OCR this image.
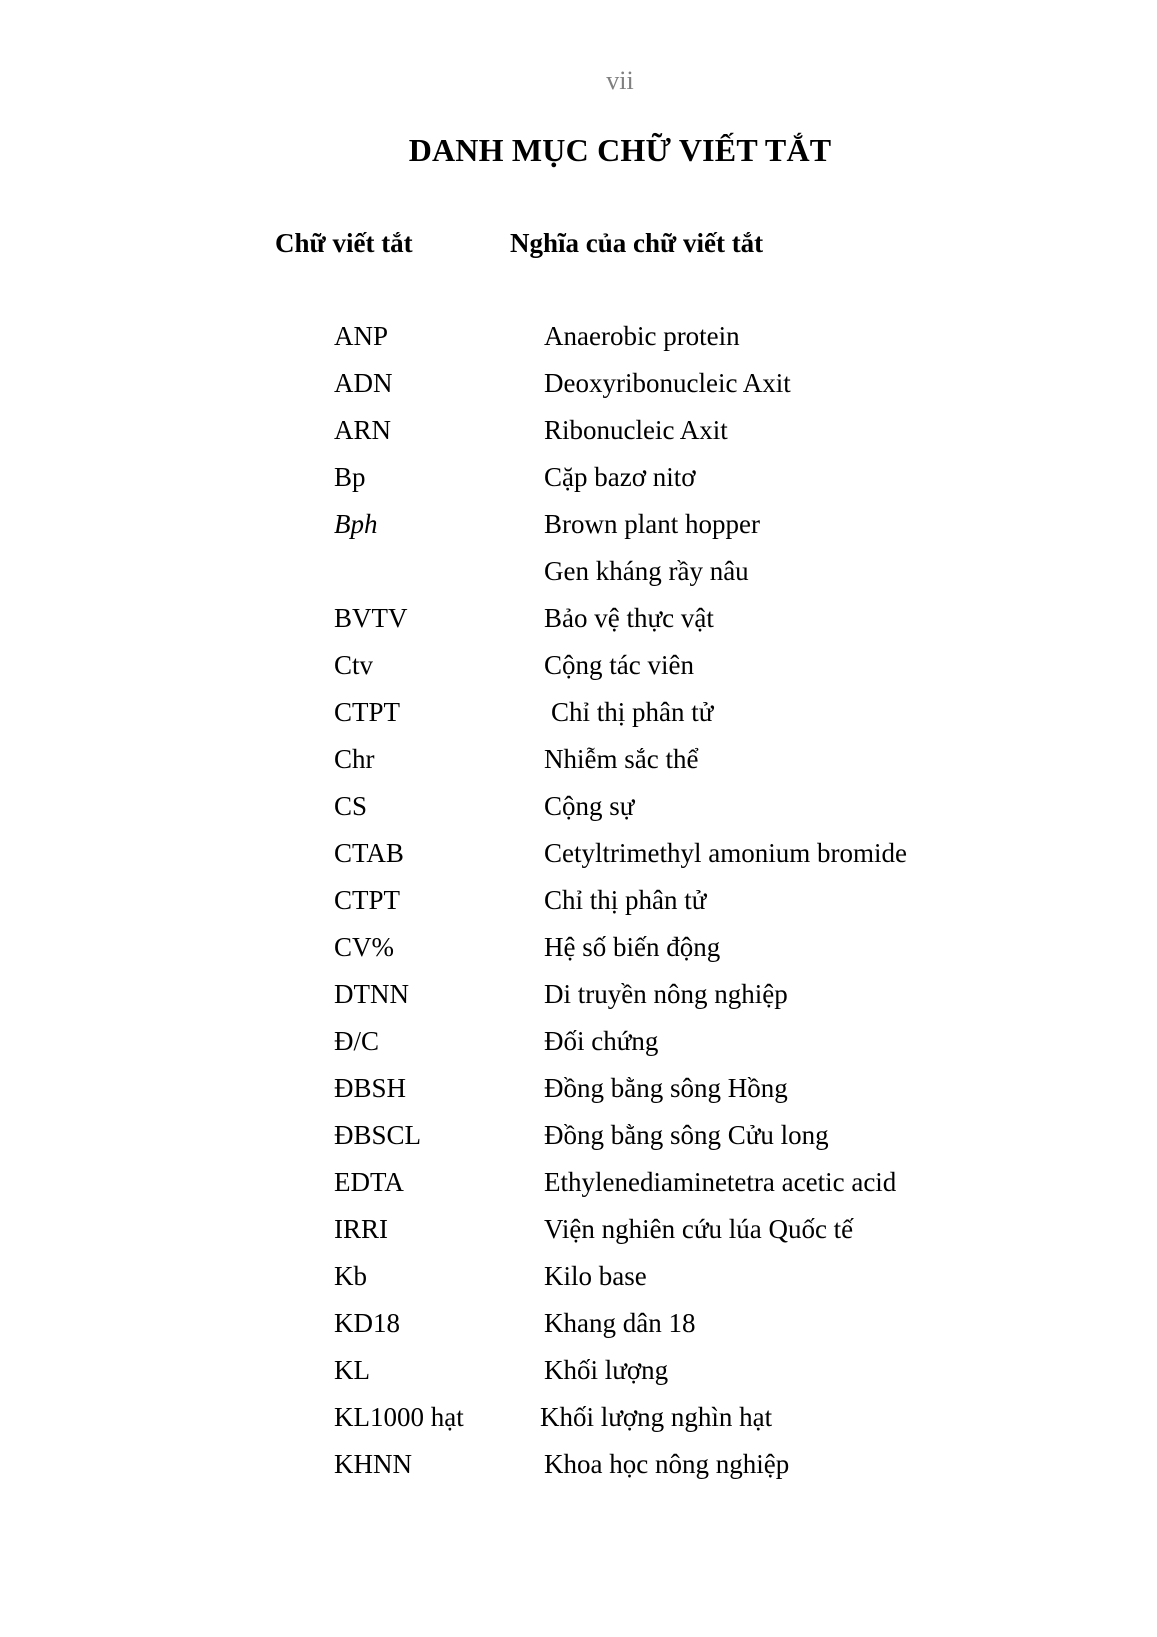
vii
DANH MỤC CHỮ VIẾT TẮT
Chữ viết tắt	Nghĩa của chữ viết tắt
ANP	Anaerobic protein
ADN	Deoxyribonucleic Axit
ARN	Ribonucleic Axit
Bp	Cặp bazơ nitơ
Bph	Brown plant hopper
Gen kháng rầy nâu
BVTV	Bảo vệ thực vật
Ctv	Cộng tác viên
CTPT	Chỉ thị phân tử
Chr	Nhiễm sắc thể
CS	Cộng sự
CTAB	Cetyltrimethyl amonium bromide
CTPT	Chỉ thị phân tử
CV%	Hệ số biến động
DTNN	Di truyền nông nghiệp
Đ/C	Đối chứng
ĐBSH	Đồng bằng sông Hồng
ĐBSCL	Đồng bằng sông Cửu long
EDTA	Ethylenediaminetetra acetic acid
IRRI	Viện nghiên cứu lúa Quốc tế
Kb	Kilo base
KD18	Khang dân 18
KL	Khối lượng
KL1000 hạt	Khối lượng nghìn hạt
KHNN	Khoa học nông nghiệp
